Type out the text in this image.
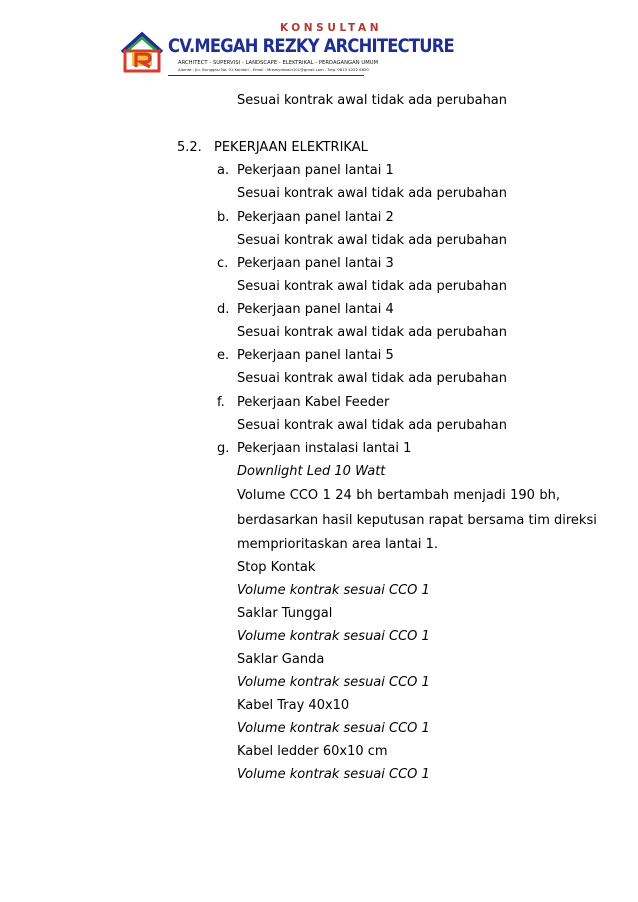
KONSULTAN
CV.MEGAH REZKY ARCHITECTURE
ARCHITECT - SUPERVISI - LANDSCAPE - ELEKTRIKAL - PERDAGANGAN UMUM
Alamat : Jln. Bunggasi No. 01 Kendari - Email : Mrezkydesain101@gmail.com - Telp. 0813 4222 6820
Sesuai kontrak awal tidak ada perubahan
5.2. PEKERJAAN ELEKTRIKAL
a. Pekerjaan panel lantai 1
Sesuai kontrak awal tidak ada perubahan
b. Pekerjaan panel lantai 2
Sesuai kontrak awal tidak ada perubahan
c. Pekerjaan panel lantai 3
Sesuai kontrak awal tidak ada perubahan
d. Pekerjaan panel lantai 4
Sesuai kontrak awal tidak ada perubahan
e. Pekerjaan panel lantai 5
Sesuai kontrak awal tidak ada perubahan
f. Pekerjaan Kabel Feeder
Sesuai kontrak awal tidak ada perubahan
g. Pekerjaan instalasi lantai 1
Downlight Led 10 Watt
Volume CCO 1 24 bh bertambah menjadi 190 bh,
berdasarkan hasil keputusan rapat bersama tim direksi
memprioritaskan area lantai 1.
Stop Kontak
Volume kontrak sesuai CCO 1
Saklar Tunggal
Volume kontrak sesuai CCO 1
Saklar Ganda
Volume kontrak sesuai CCO 1
Kabel Tray 40x10
Volume kontrak sesuai CCO 1
Kabel ledder 60x10 cm
Volume kontrak sesuai CCO 1
